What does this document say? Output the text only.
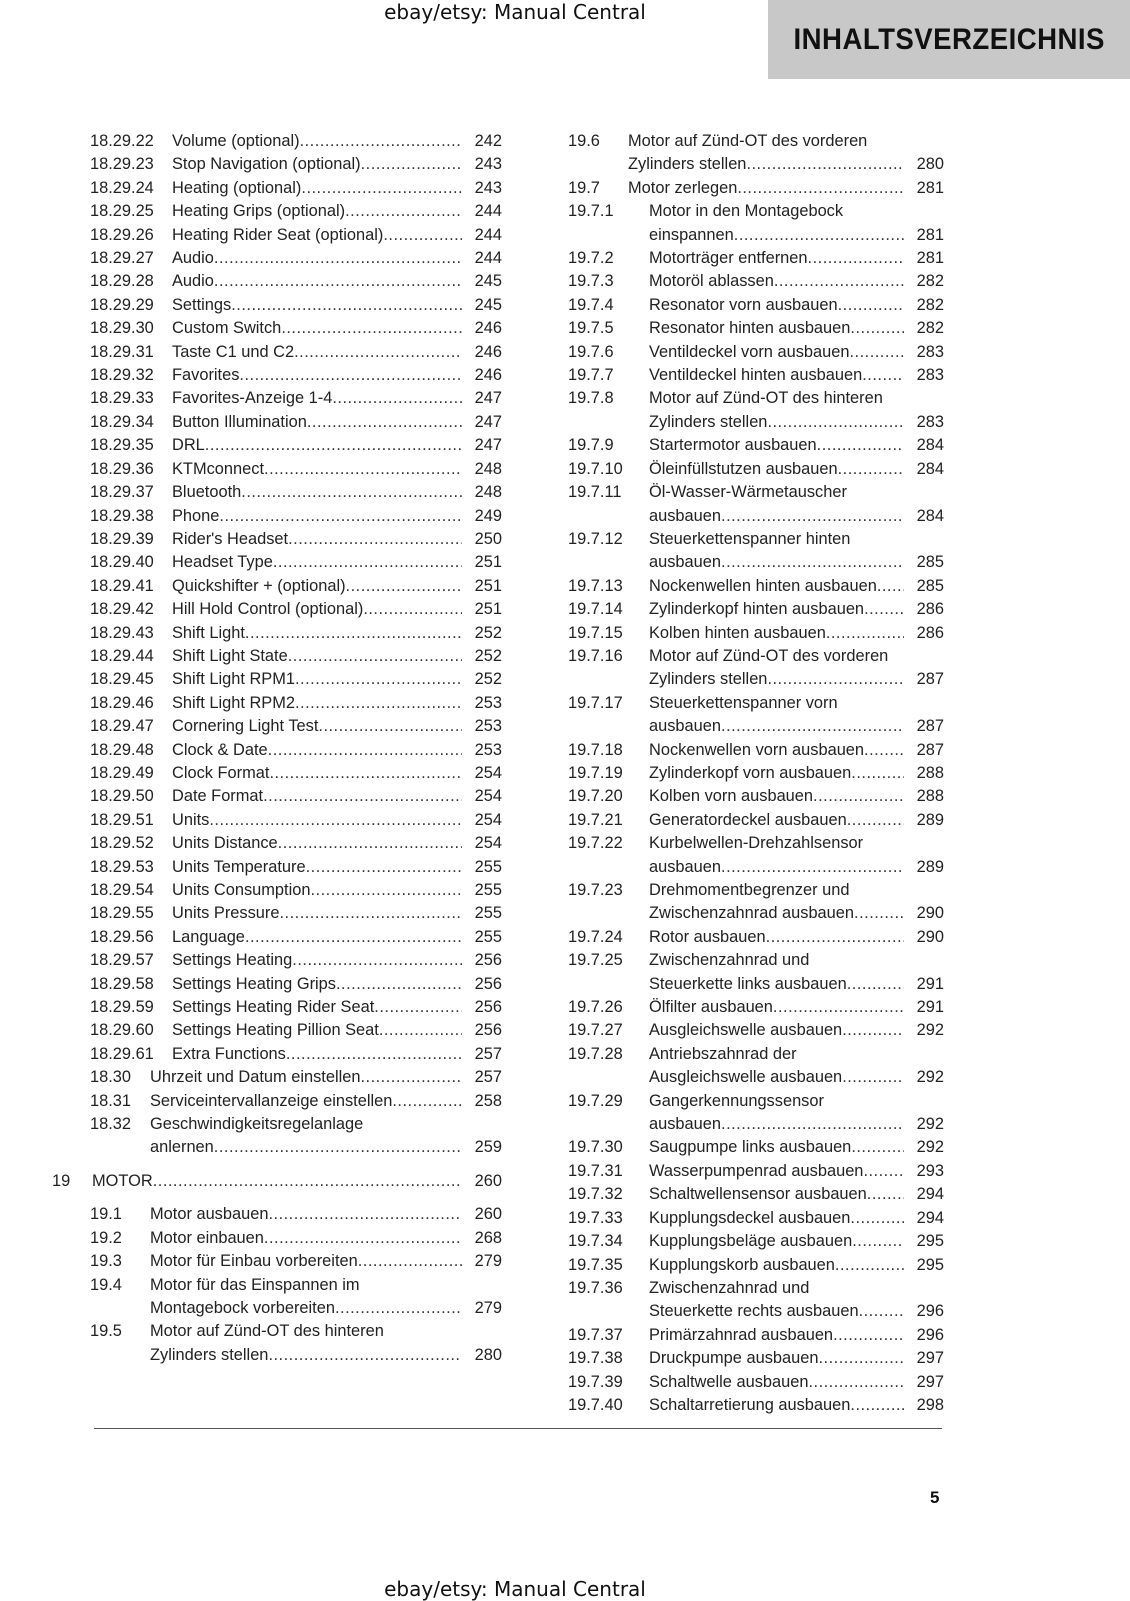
ebay/etsy: Manual Central
INHALTSVERZEICHNIS
18.29.22	Volume (optional) .....	242
18.29.23	Stop Navigation (optional) .....	243
18.29.24	Heating (optional) .....	243
18.29.25	Heating Grips (optional) .....	244
18.29.26	Heating Rider Seat (optional) .....	244
18.29.27	Audio .....	244
18.29.28	Audio .....	245
18.29.29	Settings .....	245
18.29.30	Custom Switch .....	246
18.29.31	Taste C1 und C2 .....	246
18.29.32	Favorites .....	246
18.29.33	Favorites-Anzeige 1-4 .....	247
18.29.34	Button Illumination .....	247
18.29.35	DRL .....	247
18.29.36	KTMconnect .....	248
18.29.37	Bluetooth .....	248
18.29.38	Phone .....	249
18.29.39	Rider's Headset .....	250
18.29.40	Headset Type .....	251
18.29.41	Quickshifter + (optional) .....	251
18.29.42	Hill Hold Control (optional) .....	251
18.29.43	Shift Light .....	252
18.29.44	Shift Light State .....	252
18.29.45	Shift Light RPM1 .....	252
18.29.46	Shift Light RPM2 .....	253
18.29.47	Cornering Light Test .....	253
18.29.48	Clock & Date .....	253
18.29.49	Clock Format .....	254
18.29.50	Date Format .....	254
18.29.51	Units .....	254
18.29.52	Units Distance .....	254
18.29.53	Units Temperature .....	255
18.29.54	Units Consumption .....	255
18.29.55	Units Pressure .....	255
18.29.56	Language .....	255
18.29.57	Settings Heating .....	256
18.29.58	Settings Heating Grips .....	256
18.29.59	Settings Heating Rider Seat .....	256
18.29.60	Settings Heating Pillion Seat .....	256
18.29.61	Extra Functions .....	257
18.30	Uhrzeit und Datum einstellen .....	257
18.31	Serviceintervallanzeige einstellen .....	258
18.32	Geschwindigkeitsregelanlage
anlernen .....	259
19	MOTOR .....	260
19.1	Motor ausbauen .....	260
19.2	Motor einbauen .....	268
19.3	Motor für Einbau vorbereiten .....	279
19.4	Motor für das Einspannen im
Montagebock vorbereiten .....	279
19.5	Motor auf Zünd-OT des hinteren
Zylinders stellen .....	280
19.6	Motor auf Zünd-OT des vorderen
Zylinders stellen .....	280
19.7	Motor zerlegen .....	281
19.7.1	Motor in den Montagebock
einspannen .....	281
19.7.2	Motorträger entfernen .....	281
19.7.3	Motoröl ablassen .....	282
19.7.4	Resonator vorn ausbauen .....	282
19.7.5	Resonator hinten ausbauen .....	282
19.7.6	Ventildeckel vorn ausbauen .....	283
19.7.7	Ventildeckel hinten ausbauen .....	283
19.7.8	Motor auf Zünd-OT des hinteren
Zylinders stellen .....	283
19.7.9	Startermotor ausbauen .....	284
19.7.10	Öleinfüllstutzen ausbauen .....	284
19.7.11	Öl-Wasser-Wärmetauscher
ausbauen .....	284
19.7.12	Steuerkettenspanner hinten
ausbauen .....	285
19.7.13	Nockenwellen hinten ausbauen .....	285
19.7.14	Zylinderkopf hinten ausbauen .....	286
19.7.15	Kolben hinten ausbauen .....	286
19.7.16	Motor auf Zünd-OT des vorderen
Zylinders stellen .....	287
19.7.17	Steuerkettenspanner vorn
ausbauen .....	287
19.7.18	Nockenwellen vorn ausbauen .....	287
19.7.19	Zylinderkopf vorn ausbauen .....	288
19.7.20	Kolben vorn ausbauen .....	288
19.7.21	Generatordeckel ausbauen .....	289
19.7.22	Kurbelwellen-Drehzahlsensor
ausbauen .....	289
19.7.23	Drehmomentbegrenzer und
Zwischenzahnrad ausbauen .....	290
19.7.24	Rotor ausbauen .....	290
19.7.25	Zwischenzahnrad und
Steuerkette links ausbauen .....	291
19.7.26	Ölfilter ausbauen .....	291
19.7.27	Ausgleichswelle ausbauen .....	292
19.7.28	Antriebszahnrad der
Ausgleichswelle ausbauen .....	292
19.7.29	Gangerkennungssensor
ausbauen .....	292
19.7.30	Saugpumpe links ausbauen .....	292
19.7.31	Wasserpumpenrad ausbauen .....	293
19.7.32	Schaltwellensensor ausbauen .....	294
19.7.33	Kupplungsdeckel ausbauen .....	294
19.7.34	Kupplungsbeläge ausbauen .....	295
19.7.35	Kupplungskorb ausbauen .....	295
19.7.36	Zwischenzahnrad und
Steuerkette rechts ausbauen .....	296
19.7.37	Primärzahnrad ausbauen .....	296
19.7.38	Druckpumpe ausbauen .....	297
19.7.39	Schaltwelle ausbauen .....	297
19.7.40	Schaltarretierung ausbauen .....	298
5
ebay/etsy: Manual Central
